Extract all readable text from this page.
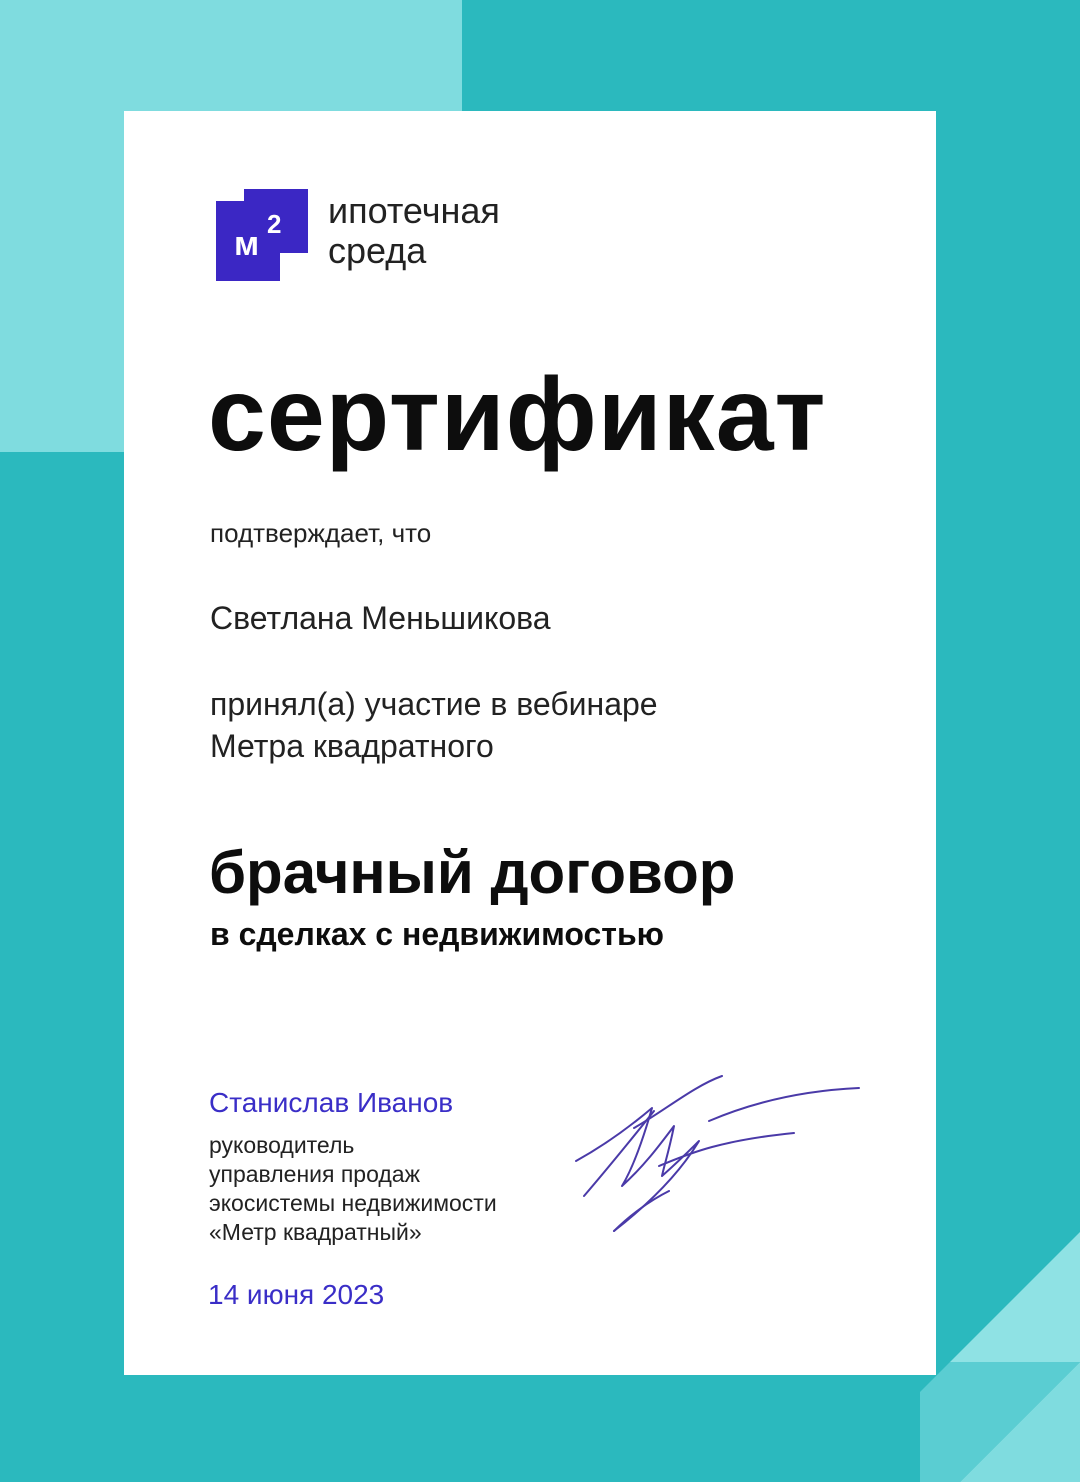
м
2 ипотечная
среда
сертификат
подтверждает, что
Светлана Меньшикова
принял(а) участие в вебинаре
Метра квадратного
брачный договор
в сделках с недвижимостью
Станислав Иванов
руководитель
управления продаж
экосистемы недвижимости
«Метр квадратный»
14 июня 2023
